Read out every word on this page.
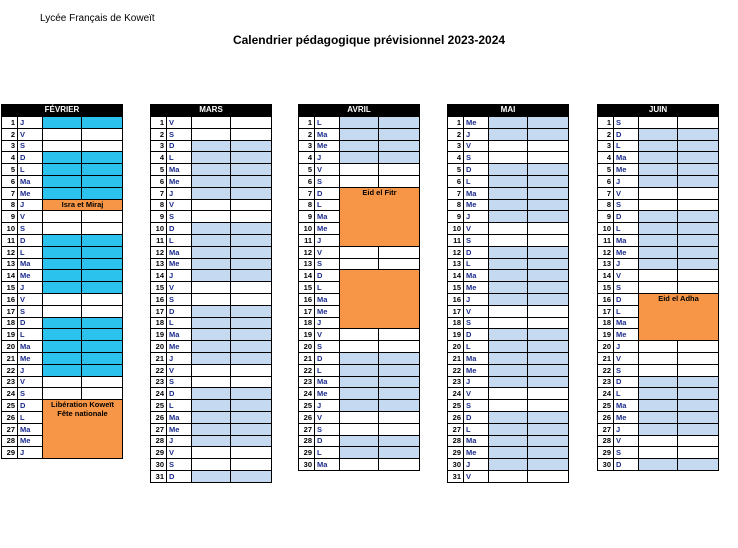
Lycée Français de Koweït
Calendrier pédagogique prévisionnel 2023-2024
FÉVRIER
1	J		
2	V		
3	S		
4	D		
5	L		
6	Ma		
7	Me		
8	J	Isra et Miraj	

9	V		
10	S		
11	D		
12	L		
13	Ma		
14	Me		
15	J		
16	V		
17	S		
18	D		
19	L		
20	Ma		
21	Me		
22	J		
23	V		
24	S		
25	D	Libération Koweït
Fête nationale	

26	L		
27	Ma		
28	Me		
29	J		
MARS
1	V		
2	S		
3	D		
4	L		
5	Ma		
6	Me		
7	J		
8	V		
9	S		
10	D		
11	L		
12	Ma		
13	Me		
14	J		
15	V		
16	S		
17	D		
18	L		
19	Ma		
20	Me		
21	J		
22	V		
23	S		
24	D		
25	L		
26	Ma		
27	Me		
28	J		
29	V		
30	S		
31	D		
AVRIL
1	L		
2	Ma		
3	Me		
4	J		
5	V		
6	S		
7	D	Eid el Fitr	

8	L		
9	Ma		
10	Me		
11	J		
12	V		
13	S		
14	D		
15	L		
16	Ma		
17	Me		
18	J		
19	V		
20	S		
21	D		
22	L		
23	Ma		
24	Me		
25	J		
26	V		
27	S		
28	D		
29	L		
30	Ma		
MAI
1	Me		
2	J		
3	V		
4	S		
5	D		
6	L		
7	Ma		
8	Me		
9	J		
10	V		
11	S		
12	D		
13	L		
14	Ma		
15	Me		
16	J		
17	V		
18	S		
19	D		
20	L		
21	Ma		
22	Me		
23	J		
24	V		
25	S		
26	D		
27	L		
28	Ma		
29	Me		
30	J		
31	V		
JUIN
1	S		
2	D		
3	L		
4	Ma		
5	Me		
6	J		
7	V		
8	S		
9	D		
10	L		
11	Ma		
12	Me		
13	J		
14	V		
15	S		
16	D	Eid el Adha	

17	L		
18	Ma		
19	Me		
20	J		
21	V		
22	S		
23	D		
24	L		
25	Ma		
26	Me		
27	J		
28	V		
29	S		
30	D		
